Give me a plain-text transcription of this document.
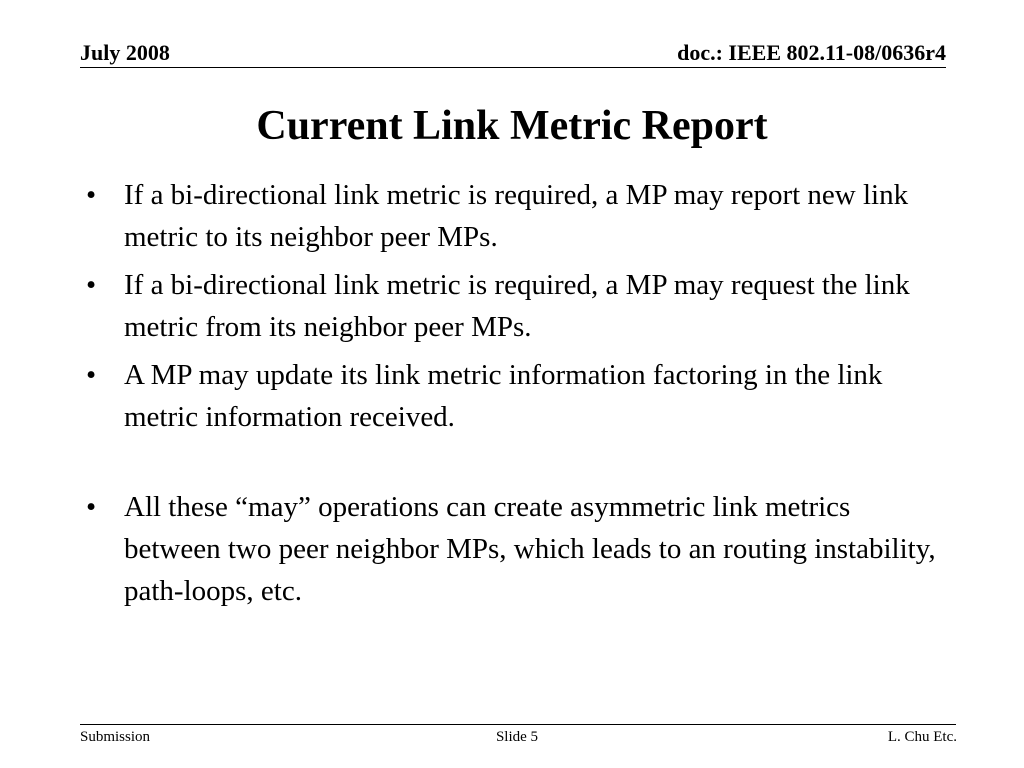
July 2008	doc.: IEEE 802.11-08/0636r4
Current Link Metric Report
• If a bi-directional link metric is required, a MP may report new link metric to its neighbor peer MPs.
• If a bi-directional link metric is required, a MP may request the link metric from its neighbor peer MPs.
• A MP may update its link metric information factoring in the link metric information received.
• All these “may” operations can create asymmetric link metrics between two peer neighbor MPs, which leads to an routing instability, path-loops, etc.
Submission	Slide 5	L. Chu Etc.
